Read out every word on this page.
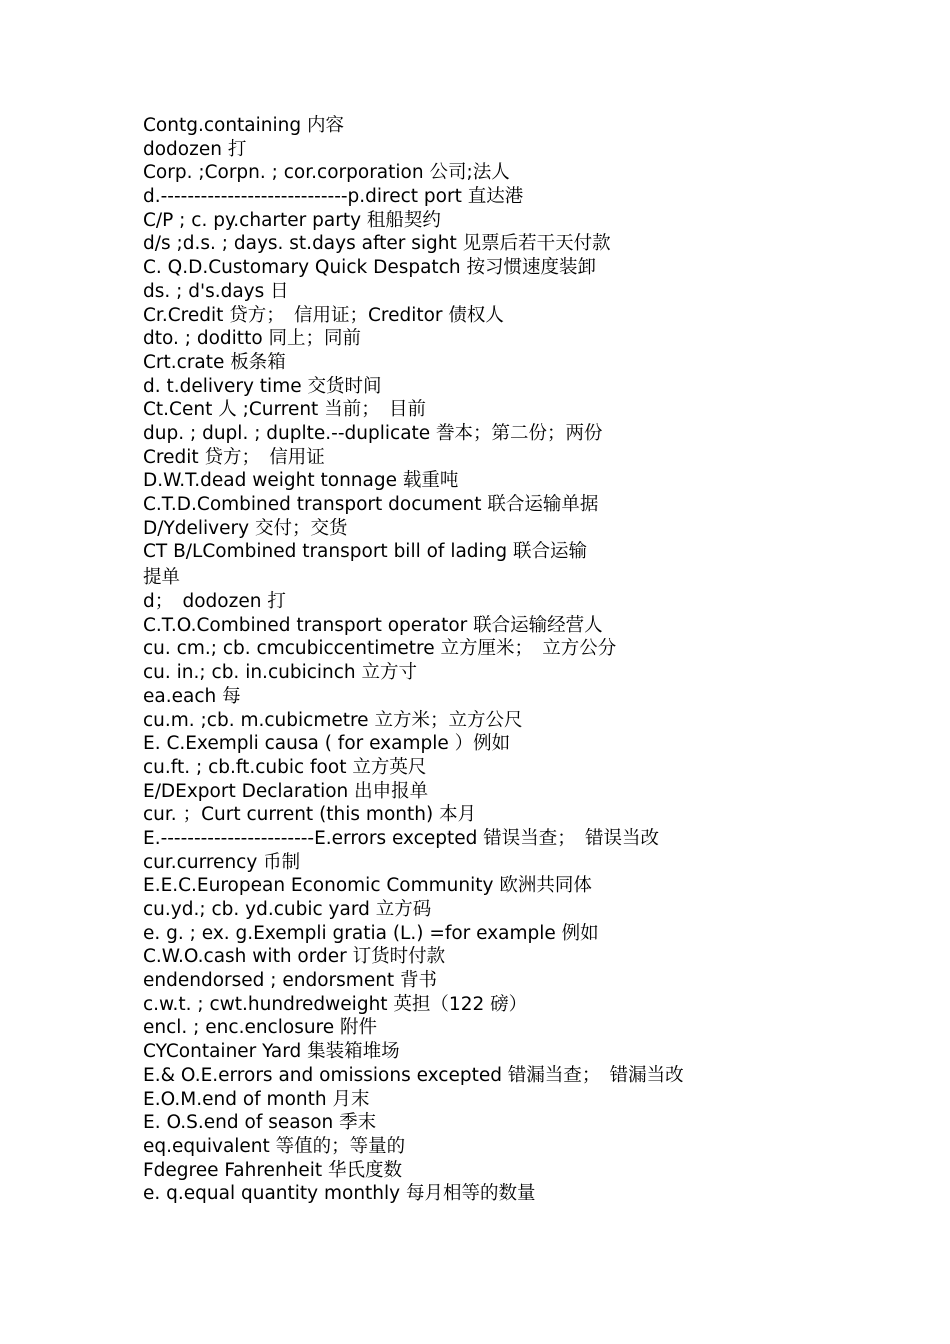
Contg.containing 内容
dodozen 打
Corp. ;Corpn. ; cor.corporation 公司;法人
d.----------------------------p.direct port 直达港
C/P ; c. py.charter party 租船契约
d/s ;d.s. ; days. st.days after sight 见票后若干天付款
C. Q.D.Customary Quick Despatch 按习惯速度装卸
ds. ; d's.days 日
Cr.Credit 贷方；　信用证；Creditor 债权人
dto. ; doditto 同上；同前
Crt.crate 板条箱
d. t.delivery time 交货时间
Ct.Cent 人 ;Current 当前；　目前
dup. ; dupl. ; duplte.--duplicate 誊本；第二份；两份
Credit 贷方；　信用证
D.W.T.dead weight tonnage 载重吨
C.T.D.Combined transport document 联合运输单据
D/Ydelivery 交付；交货
CT B/LCombined transport bill of lading 联合运输
提单
d；　dodozen 打
C.T.O.Combined transport operator 联合运输经营人
cu. cm.; cb. cmcubiccentimetre 立方厘米；　立方公分
cu. in.; cb. in.cubicinch 立方寸
ea.each 每
cu.m. ;cb. m.cubicmetre 立方米；立方公尺
E. C.Exempli causa ( for example ）例如
cu.ft. ; cb.ft.cubic foot 立方英尺
E/DExport Declaration 出申报单
cur. ；Curt current (this month) 本月
E.-----------------------E.errors excepted 错误当查；　错误当改
cur.currency 币制
E.E.C.European Economic Community 欧洲共同体
cu.yd.; cb. yd.cubic yard 立方码
e. g. ; ex. g.Exempli gratia (L.) =for example 例如
C.W.O.cash with order 订货时付款
endendorsed ; endorsment 背书
c.w.t. ; cwt.hundredweight 英担（122 磅）
encl. ; enc.enclosure 附件
CYContainer Yard 集装箱堆场
E.& O.E.errors and omissions excepted 错漏当查；　错漏当改
E.O.M.end of month 月末
E. O.S.end of season 季末
eq.equivalent 等值的；等量的
Fdegree Fahrenheit 华氏度数
e. q.equal quantity monthly 每月相等的数量
